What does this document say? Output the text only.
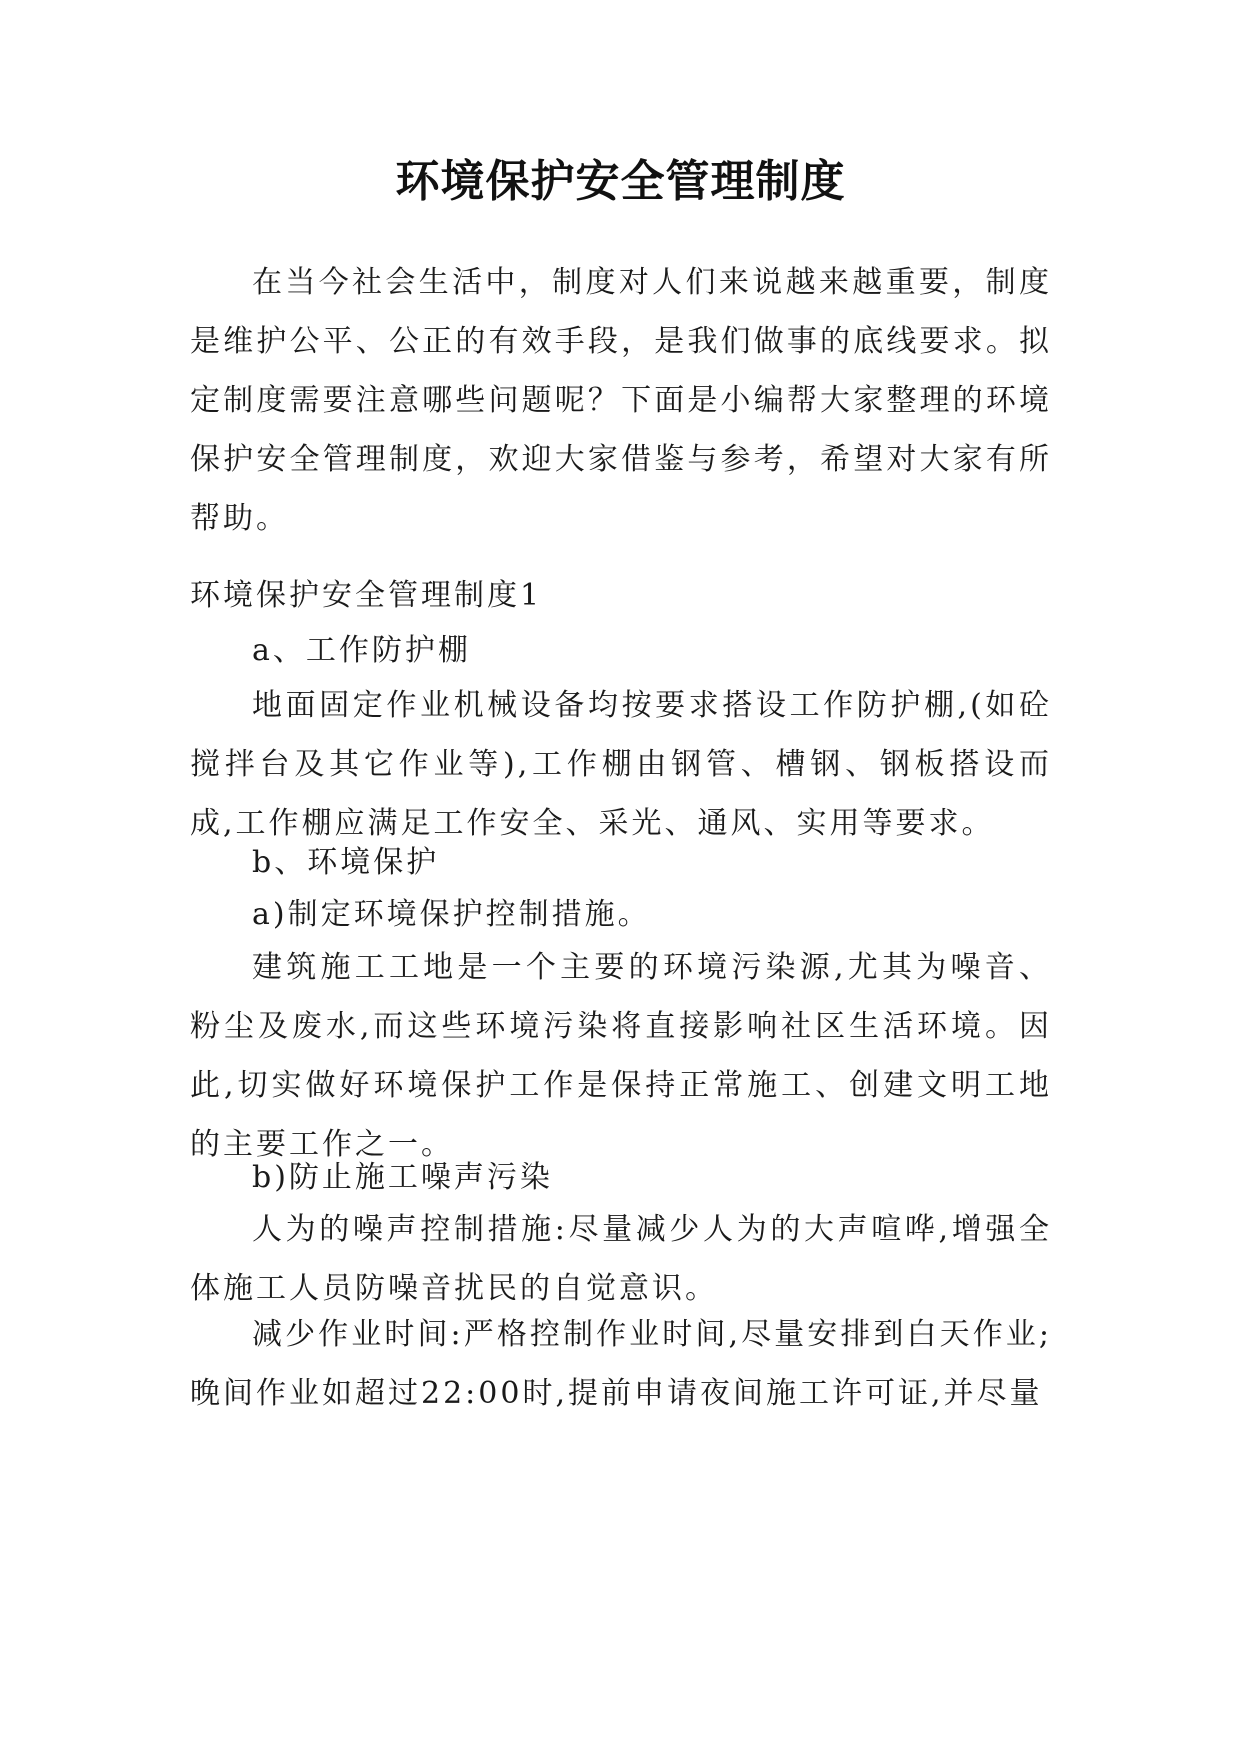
环境保护安全管理制度

在当今社会生活中，制度对人们来说越来越重要，制度是维护公平、公正的有效手段，是我们做事的底线要求。拟定制度需要注意哪些问题呢？下面是小编帮大家整理的环境保护安全管理制度，欢迎大家借鉴与参考，希望对大家有所帮助。

环境保护安全管理制度1

a、工作防护棚

地面固定作业机械设备均按要求搭设工作防护棚,(如砼搅拌台及其它作业等),工作棚由钢管、槽钢、钢板搭设而成,工作棚应满足工作安全、采光、通风、实用等要求。

b、环境保护

a)制定环境保护控制措施。

建筑施工工地是一个主要的环境污染源,尤其为噪音、粉尘及废水,而这些环境污染将直接影响社区生活环境。因此,切实做好环境保护工作是保持正常施工、创建文明工地的主要工作之一。

b)防止施工噪声污染

人为的噪声控制措施:尽量减少人为的大声喧哗,增强全体施工人员防噪音扰民的自觉意识。

减少作业时间:严格控制作业时间,尽量安排到白天作业;晚间作业如超过22:00时,提前申请夜间施工许可证,并尽量
